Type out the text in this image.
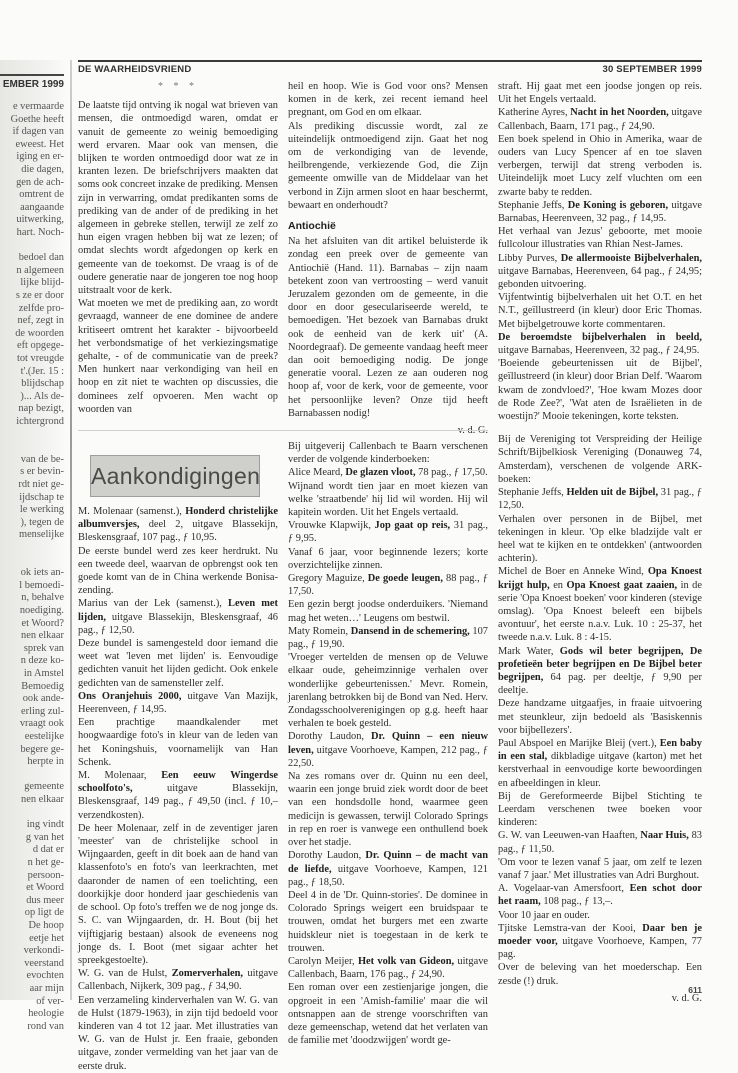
EMBER 1999
e vermaarde
Goethe heeft
if dagen van
eweest. Het
iging en er-
die dagen,
gen de ach-
omtrent de
aangaande
uitwerking,
hart. Noch-
bedoel dan
n algemeen
lijke blijd-
s ze er door
zelfde pro-
nef, zegt in
de woorden
eft opgege-
tot vreugde
t'.(Jer. 15 :
blijdschap
)... Als de-
nap bezigt,
ichtergrond
van de be-
s er bevin-
rdt niet ge-
ijdschap te
le werking
), tegen de
menselijke
ok iets an-
l bemoedi-
n, behalve
noediging.
et Woord?
nen elkaar
sprek van
n deze ko-
in Amstel
Bemoedig
ook ande-
erling zul-
vraagt ook
eestelijke
begere ge-
herpte in
gemeente
nen elkaar
ing vindt
g van het
d dat er
n het ge-
persoon-
et Woord
dus meer
op ligt de
De hoop
eetje het
verkondi-
veerstand
evochten
aar mijn
of ver-
heologie
rond van
DE WAARHEIDSVRIEND	30 SEPTEMBER 1999
* * *

De laatste tijd ontving ik nogal wat brieven van mensen, die ontmoedigd waren, omdat er vanuit de gemeente zo weinig bemoediging werd ervaren. Maar ook van mensen, die blijken te worden ontmoedigd door wat ze in kranten lezen. De briefschrijvers maakten dat soms ook concreet inzake de prediking. Mensen zijn in verwarring, omdat predikanten soms de prediking van de ander of de prediking in het algemeen in gebreke stellen, terwijl ze zelf zo hun eigen vragen hebben bij wat ze lezen; of omdat slechts wordt afgedongen op kerk en gemeente van de toekomst. De vraag is of de oudere generatie naar de jongeren toe nog hoop uitstraalt voor de kerk.

Wat moeten we met de prediking aan, zo wordt gevraagd, wanneer de ene dominee de andere kritiseert omtrent het karakter - bijvoorbeeld het verbondsmatige of het verkiezingsmatige gehalte, - of de communicatie van de preek? Men hunkert naar verkondiging van heil en hoop en zit niet te wachten op discussies, die dominees zelf opvoeren. Men wacht op woorden van

heil en hoop. Wie is God voor ons? Mensen komen in de kerk, zei recent iemand heel pregnant, om God en om elkaar.

Als prediking discussie wordt, zal ze uiteindelijk ontmoedigend zijn. Gaat het nog om de verkondiging van de levende, heilbrengende, verkiezende God, die Zijn gemeente omwille van de Middelaar van het verbond in Zijn armen sloot en haar beschermt, bewaart en onderhoudt?

Antiochië

Na het afsluiten van dit artikel beluisterde ik zondag een preek over de gemeente van Antiochië (Hand. 11). Barnabas – zijn naam betekent zoon van vertroosting – werd vanuit Jeruzalem gezonden om de gemeente, in die door en door geseculariseerde wereld, te bemoedigen. 'Het bezoek van Barnabas drukt ook de eenheid van de kerk uit' (A. Noordegraaf). De gemeente vandaag heeft meer dan ooit bemoediging nodig. De jonge generatie vooral. Lezen ze aan ouderen nog hoop af, voor de kerk, voor de gemeente, voor het persoonlijke leven? Onze tijd heeft Barnabassen nodig!

Aankondigingen

M. Molenaar (samenst.), Honderd christelijke albumversjes, deel 2, uitgave Blassekijn, Bleskensgraaf, 107 pag., ƒ 10,95.

De eerste bundel werd zes keer herdrukt. Nu een tweede deel, waarvan de opbrengst ook ten goede komt van de in China werkende Bonisa-zending.

Marius van der Lek (samenst.), Leven met lijden, uitgave Blassekijn, Bleskensgraaf, 46 pag., ƒ 12,50.

Deze bundel is samengesteld door iemand die weet wat 'leven met lijden' is. Eenvoudige gedichten vanuit het lijden gedicht. Ook enkele gedichten van de samensteller zelf.

Ons Oranjehuis 2000, uitgave Van Mazijk, Heerenveen, ƒ 14,95.

Een prachtige maandkalender met hoogwaardige foto's in kleur van de leden van het Koningshuis, voornamelijk van Han Schenk.

M. Molenaar, Een eeuw Wingerdse schoolfoto's, uitgave Blassekijn, Bleskensgraaf, 149 pag., ƒ 49,50 (incl. ƒ 10,– verzendkosten).

De heer Molenaar, zelf in de zeventiger jaren 'meester' van de christelijke school in Wijngaarden, geeft in dit boek aan de hand van klassenfoto's en foto's van leerkrachten, met daaronder de namen of een toelichting, een doorkijkje door honderd jaar geschiedenis van de school. Op foto's treffen we de nog jonge ds. S. C. van Wijngaarden, dr. H. Bout (bij het vijftigjarig bestaan) alsook de eveneens nog jonge ds. I. Boot (met sigaar achter het spreekgestoelte).

W. G. van de Hulst, Zomerverhalen, uitgave Callenbach, Nijkerk, 309 pag., ƒ 34,90.

Een verzameling kinderverhalen van W. G. van de Hulst (1879-1963), in zijn tijd bedoeld voor kinderen van 4 tot 12 jaar. Met illustraties van W. G. van de Hulst jr. Een fraaie, gebonden uitgave, zonder vermelding van het jaar van de eerste druk.

Bij uitgeverij Callenbach te Baarn verschenen verder de volgende kinderboeken:

Alice Meard, De glazen vloot, 78 pag., ƒ 17,50.

Wijnand wordt tien jaar en moet kiezen van welke 'straatbende' hij lid wil worden. Hij wil kapitein worden. Uit het Engels vertaald.

Vrouwke Klapwijk, Jop gaat op reis, 31 pag., ƒ 9,95.

Vanaf 6 jaar, voor beginnende lezers; korte overzichtelijke zinnen.

Gregory Maguize, De goede leugen, 88 pag., ƒ 17,50.

Een gezin bergt joodse onderduikers. 'Niemand mag het weten…' Leugens om bestwil.

Maty Romein, Dansend in de schemering, 107 pag., ƒ 19,90.

'Vroeger vertelden de mensen op de Veluwe elkaar oude, geheimzinnige verhalen over wonderlijke gebeurtenissen.' Mevr. Romein, jarenlang betrokken bij de Bond van Ned. Herv. Zondagsschoolverenigingen op g.g. heeft haar verhalen te boek gesteld.

Dorothy Laudon, Dr. Quinn – een nieuw leven, uitgave Voorhoeve, Kampen, 212 pag., ƒ 22,50.

Na zes romans over dr. Quinn nu een deel, waarin een jonge bruid ziek wordt door de beet van een hondsdolle hond, waarmee geen medicijn is gewassen, terwijl Colorado Springs in rep en roer is vanwege een onthullend boek over het stadje.

Dorothy Laudon, Dr. Quinn – de macht van de liefde, uitgave Voorhoeve, Kampen, 121 pag., ƒ 18,50.

Deel 4 in de 'Dr. Quinn-stories'. De dominee in Colorado Springs weigert een bruidspaar te trouwen, omdat het burgers met een zwarte huidskleur niet is toegestaan in de kerk te trouwen.

Carolyn Meijer, Het volk van Gideon, uitgave Callenbach, Baarn, 176 pag., ƒ 24,90.

Een roman over een zestienjarige jongen, die opgroeit in een 'Amish-familie' maar die wil ontsnappen aan de strenge voorschriften van deze gemeenschap, wetend dat het verlaten van de familie met 'doodzwijgen' wordt ge-

straft. Hij gaat met een joodse jongen op reis. Uit het Engels vertaald.

Katherine Ayres, Nacht in het Noorden, uitgave Callenbach, Baarn, 171 pag., ƒ 24,90.

Een boek spelend in Ohio in Amerika, waar de ouders van Lucy Spencer af en toe slaven verbergen, terwijl dat streng verboden is. Uiteindelijk moet Lucy zelf vluchten om een zwarte baby te redden.

Stephanie Jeffs, De Koning is geboren, uitgave Barnabas, Heerenveen, 32 pag., ƒ 14,95.

Het verhaal van Jezus' geboorte, met mooie fullcolour illustraties van Rhian Nest-James.

Libby Purves, De allermooiste Bijbelverhalen, uitgave Barnabas, Heerenveen, 64 pag., ƒ 24,95; gebonden uitvoering.

Vijfentwintig bijbelverhalen uit het O.T. en het N.T., geïllustreerd (in kleur) door Eric Thomas. Met bijbelgetrouwe korte commentaren.

De beroemdste bijbelverhalen in beeld, uitgave Barnabas, Heerenveen, 32 pag., ƒ 24,95.

'Boeiende gebeurtenissen uit de Bijbel', geïllustreerd (in kleur) door Brian Delf. 'Waarom kwam de zondvloed?', 'Hoe kwam Mozes door de Rode Zee?', 'Wat aten de Israëlieten in de woestijn?' Mooie tekeningen, korte teksten.

Bij de Vereniging tot Verspreiding der Heilige Schrift/Bijbelkiosk Vereniging (Donauweg 74, Amsterdam), verschenen de volgende ARK-boeken:

Stephanie Jeffs, Helden uit de Bijbel, 31 pag., ƒ 12,50.

Verhalen over personen in de Bijbel, met tekeningen in kleur. 'Op elke bladzijde valt er heel wat te kijken en te ontdekken' (antwoorden achterin).

Michel de Boer en Anneke Wind, Opa Knoest krijgt hulp, en Opa Knoest gaat zaaien, in de serie 'Opa Knoest boeken' voor kinderen (stevige omslag). 'Opa Knoest beleeft een bijbels avontuur', het eerste n.a.v. Luk. 10 : 25-37, het tweede n.a.v. Luk. 8 : 4-15.

Mark Water, Gods wil beter begrijpen, De profetieën beter begrijpen en De Bijbel beter begrijpen, 64 pag. per deeltje, ƒ 9,90 per deeltje.

Deze handzame uitgaafjes, in fraaie uitvoering met steunkleur, zijn bedoeld als 'Basiskennis voor bijbellezers'.

Paul Abspoel en Marijke Bleij (vert.), Een baby in een stal, dikbladige uitgave (karton) met het kerstverhaal in eenvoudige korte bewoordingen en afbeeldingen in kleur.

Bij de Gereformeerde Bijbel Stichting te Leerdam verschenen twee boeken voor kinderen:

G. W. van Leeuwen-van Haaften, Naar Huis, 83 pag., ƒ 11,50.

'Om voor te lezen vanaf 5 jaar, om zelf te lezen vanaf 7 jaar.' Met illustraties van Adri Burghout.

A. Vogelaar-van Amersfoort, Een schot door het raam, 108 pag., ƒ 13,–.

Voor 10 jaar en ouder.

Tjitske Lemstra-van der Kooi, Daar ben je moeder voor, uitgave Voorhoeve, Kampen, 77 pag.

Over de beleving van het moederschap. Een zesde (!) druk.

v. d. G.
611
